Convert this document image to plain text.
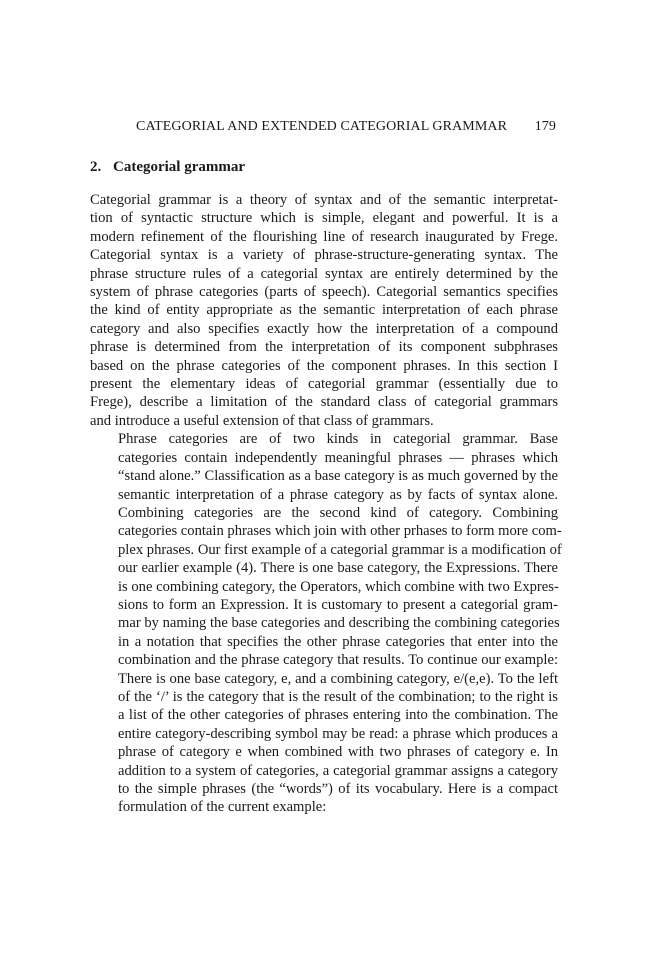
CATEGORIAL AND EXTENDED CATEGORIAL GRAMMAR 179
2. Categorial grammar

Categorial grammar is a theory of syntax and of the semantic interpretat-
tion of syntactic structure which is simple, elegant and powerful. It is a
modern refinement of the flourishing line of research inaugurated by Frege.
Categorial syntax is a variety of phrase-structure-generating syntax. The
phrase structure rules of a categorial syntax are entirely determined by the
system of phrase categories (parts of speech). Categorial semantics specifies
the kind of entity appropriate as the semantic interpretation of each phrase
category and also specifies exactly how the interpretation of a compound
phrase is determined from the interpretation of its component subphrases
based on the phrase categories of the component phrases. In this section I
present the elementary ideas of categorial grammar (essentially due to
Frege), describe a limitation of the standard class of categorial grammars
and introduce a useful extension of that class of grammars.

Phrase categories are of two kinds in categorial grammar. Base
categories contain independently meaningful phrases — phrases which
“stand alone.” Classification as a base category is as much governed by the
semantic interpretation of a phrase category as by facts of syntax alone.
Combining categories are the second kind of category. Combining
categories contain phrases which join with other prhases to form more com-
plex phrases. Our first example of a categorial grammar is a modification of
our earlier example (4). There is one base category, the Expressions. There
is one combining category, the Operators, which combine with two Expres-
sions to form an Expression. It is customary to present a categorial gram-
mar by naming the base categories and describing the combining categories
in a notation that specifies the other phrase categories that enter into the
combination and the phrase category that results. To continue our example:
There is one base category, e, and a combining category, e/(e,e). To the left
of the ‘/’ is the category that is the result of the combination; to the right is
a list of the other categories of phrases entering into the combination. The
entire category-describing symbol may be read: a phrase which produces a
phrase of category e when combined with two phrases of category e. In
addition to a system of categories, a categorial grammar assigns a category
to the simple phrases (the “words”) of its vocabulary. Here is a compact
formulation of the current example:
